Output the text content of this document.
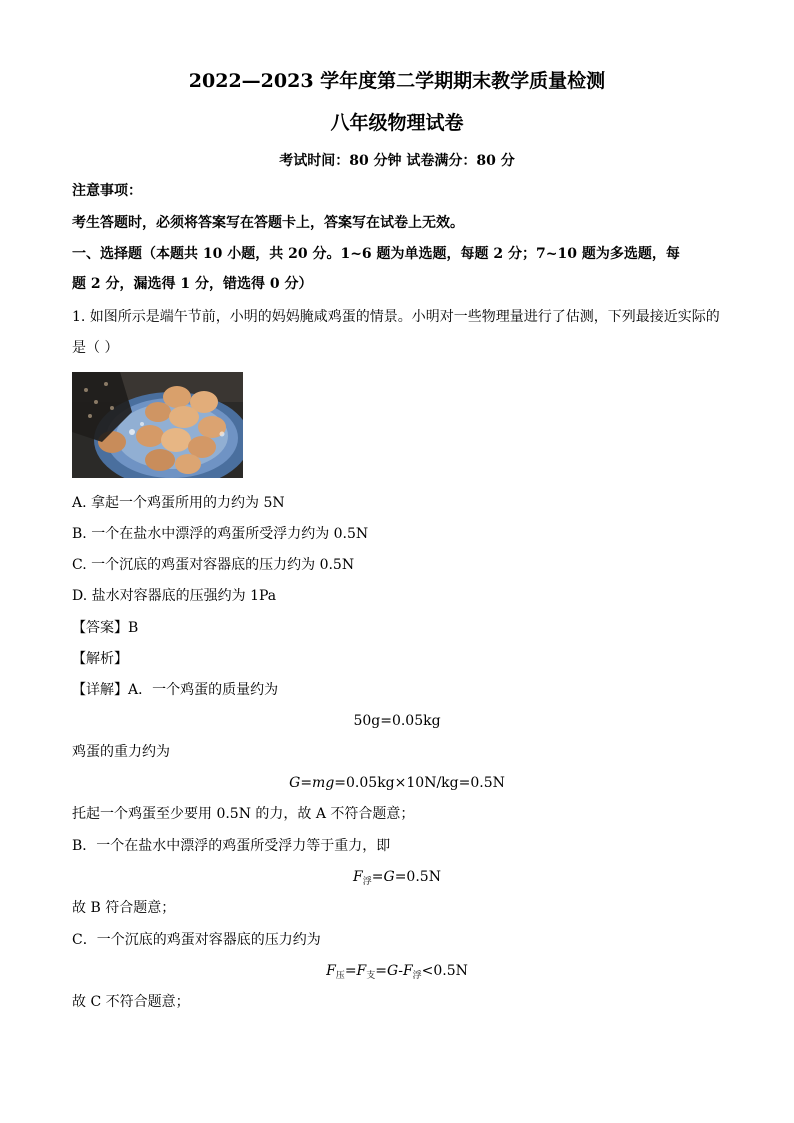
2022—2023 学年度第二学期期末教学质量检测
八年级物理试卷
考试时间：80 分钟 试卷满分：80 分
注意事项：
考生答题时，必须将答案写在答题卡上，答案写在试卷上无效。
一、选择题（本题共 10 小题，共 20 分。1~6 题为单选题，每题 2 分；7~10 题为多选题，每
题 2 分，漏选得 1 分，错选得 0 分）
1. 如图所示是端午节前，小明的妈妈腌咸鸡蛋的情景。小明对一些物理量进行了估测，下列最接近实际的
是（ ）
A. 拿起一个鸡蛋所用的力约为 5N
B. 一个在盐水中漂浮的鸡蛋所受浮力约为 0.5N
C. 一个沉底的鸡蛋对容器底的压力约为 0.5N
D. 盐水对容器底的压强约为 1Pa
【答案】B
【解析】
【详解】A．一个鸡蛋的质量约为
50g=0.05kg
鸡蛋的重力约为
G=mg=0.05kg×10N/kg=0.5N
托起一个鸡蛋至少要用 0.5N 的力，故 A 不符合题意；
B．一个在盐水中漂浮的鸡蛋所受浮力等于重力，即
$F_浮=G=0.5N$
故 B 符合题意；
C．一个沉底的鸡蛋对容器底的压力约为
$F_压=F_支=G-F_浮<0.5N$
故 C 不符合题意；
